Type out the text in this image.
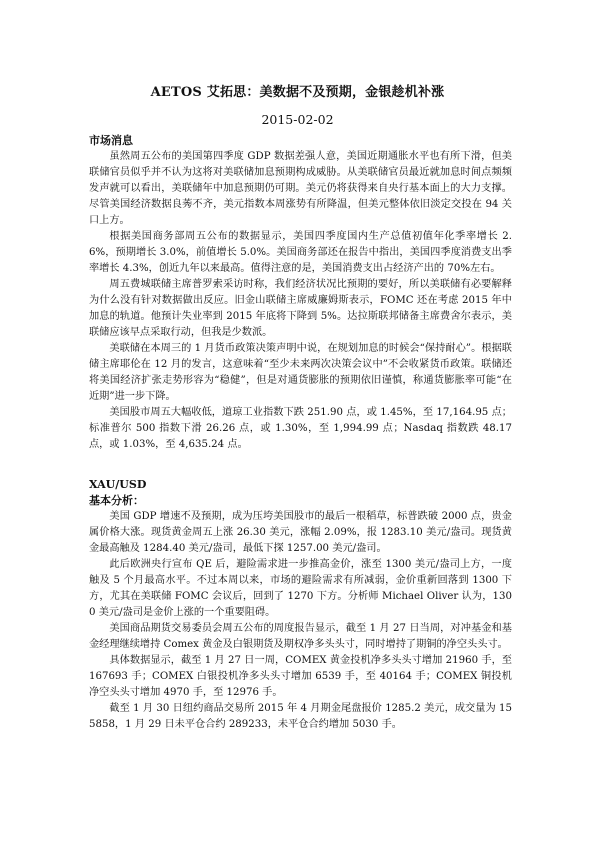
AETOS 艾拓思：美数据不及预期，金银趁机补涨
2015-02-02

市场消息

虽然周五公布的美国第四季度 GDP 数据差强人意，美国近期通胀水平也有所下滑，但美联储官员似乎并不认为这将对美联储加息预期构成威胁。从美联储官员最近就加息时间点频频发声就可以看出，美联储年中加息预期仍可期。美元仍将获得来自央行基本面上的大力支撑。尽管美国经济数据良莠不齐，美元指数本周涨势有所降温，但美元整体依旧淡定交投在 94 关口上方。

根据美国商务部周五公布的数据显示，美国四季度国内生产总值初值年化季率增长 2.6%，预期增长 3.0%，前值增长 5.0%。美国商务部还在报告中指出，美国四季度消费支出季率增长 4.3%，创近九年以来最高。值得注意的是，美国消费支出占经济产出的 70%左右。

周五费城联储主席普罗索采访时称，我们经济状况比预期的要好，所以美联储有必要解释为什么没有针对数据做出反应。旧金山联储主席威廉姆斯表示，FOMC 还在考虑 2015 年中加息的轨道。他预计失业率到 2015 年底将下降到 5%。达拉斯联邦储备主席费舍尔表示，美联储应该早点采取行动，但我是少数派。

美联储在本周三的 1 月货币政策决策声明中说，在规划加息的时候会“保持耐心”。根据联储主席耶伦在 12 月的发言，这意味着“至少未来两次决策会议中”不会收紧货币政策。联储还将美国经济扩张走势形容为“稳健”，但是对通货膨胀的预期依旧谨慎，称通货膨胀率可能“在近期”进一步下降。

美国股市周五大幅收低，道琼工业指数下跌 251.90 点，或 1.45%，至 17,164.95 点；标准普尔 500 指数下滑 26.26 点，或 1.30%，至 1,994.99 点；Nasdaq 指数跌 48.17 点，或 1.03%，至 4,635.24 点。

XAU/USD

基本分析：

美国 GDP 增速不及预期，成为压垮美国股市的最后一根稻草，标普跌破 2000 点，贵金属价格大涨。现货黄金周五上涨 26.30 美元，涨幅 2.09%，报 1283.10 美元/盎司。现货黄金最高触及 1284.40 美元/盎司，最低下探 1257.00 美元/盎司。

此后欧洲央行宣布 QE 后，避险需求进一步推高金价，涨至 1300 美元/盎司上方，一度触及 5 个月最高水平。不过本周以来，市场的避险需求有所减弱，金价重新回落到 1300 下方，尤其在美联储 FOMC 会议后，回到了 1270 下方。分析师 Michael Oliver 认为，1300 美元/盎司是金价上涨的一个重要阻碍。

美国商品期货交易委员会周五公布的周度报告显示，截至 1 月 27 日当周，对冲基金和基金经理继续增持 Comex 黄金及白银期货及期权净多头头寸，同时增持了期铜的净空头头寸。

具体数据显示，截至 1 月 27 日一周，COMEX 黄金投机净多头头寸增加 21960 手，至 167693 手；COMEX 白银投机净多头头寸增加 6539 手，至 40164 手；COMEX 铜投机净空头头寸增加 4970 手，至 12976 手。

截至 1 月 30 日纽约商品交易所 2015 年 4 月期金尾盘报价 1285.2 美元，成交量为 155858，1 月 29 日未平仓合约 289233，未平仓合约增加 5030 手。
